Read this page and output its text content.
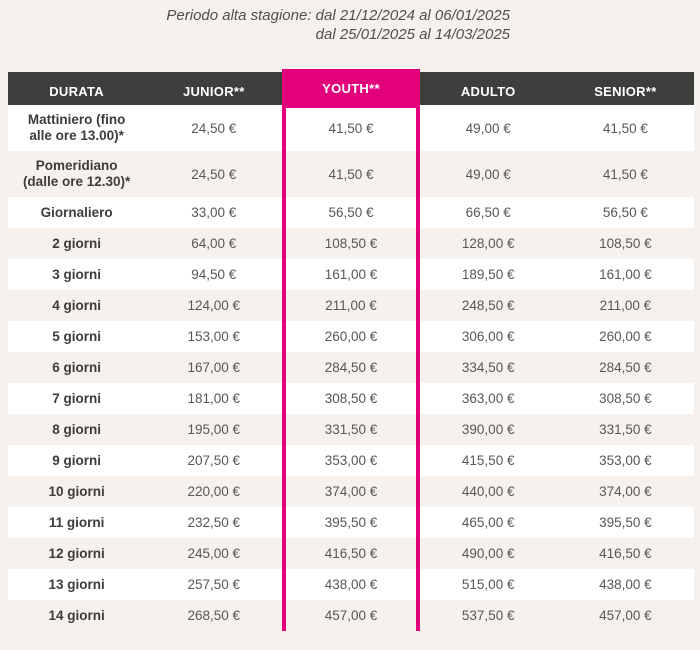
Periodo alta stagione: dal 21/12/2024 al 06/01/2025
dal 25/01/2025 al 14/03/2025
DURATA	JUNIOR**	YOUTH**	ADULTO	SENIOR**
Mattiniero (fino alle ore 13.00)*	24,50 €	41,50 €	49,00 €	41,50 €
Pomeridiano (dalle ore 12.30)*	24,50 €	41,50 €	49,00 €	41,50 €
Giornaliero	33,00 €	56,50 €	66,50 €	56,50 €
2 giorni	64,00 €	108,50 €	128,00 €	108,50 €
3 giorni	94,50 €	161,00 €	189,50 €	161,00 €
4 giorni	124,00 €	211,00 €	248,50 €	211,00 €
5 giorni	153,00 €	260,00 €	306,00 €	260,00 €
6 giorni	167,00 €	284,50 €	334,50 €	284,50 €
7 giorni	181,00 €	308,50 €	363,00 €	308,50 €
8 giorni	195,00 €	331,50 €	390,00 €	331,50 €
9 giorni	207,50 €	353,00 €	415,50 €	353,00 €
10 giorni	220,00 €	374,00 €	440,00 €	374,00 €
11 giorni	232,50 €	395,50 €	465,00 €	395,50 €
12 giorni	245,00 €	416,50 €	490,00 €	416,50 €
13 giorni	257,50 €	438,00 €	515,00 €	438,00 €
14 giorni	268,50 €	457,00 €	537,50 €	457,00 €
